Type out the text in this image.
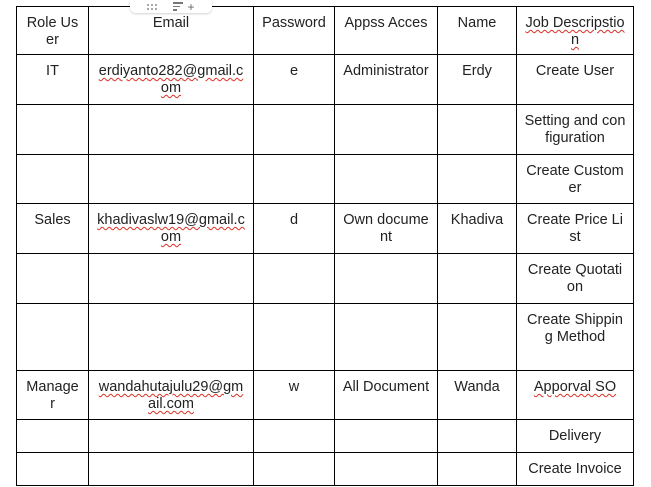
Role User	Email	Password	Appss Acces	Name	Job Descripstion
IT	erdiyanto282@gmail.com	e	Administrator	Erdy	Create User
					Setting and configuration
					Create Customer
Sales	khadivaslw19@gmail.com	d	Own document	Khadiva	Create Price List
					Create Quotation
					Create Shipping Method
Manager	wandahutajulu29@gmail.com	w	All Document	Wanda	Apporval SO
					Delivery
					Create Invoice
+
